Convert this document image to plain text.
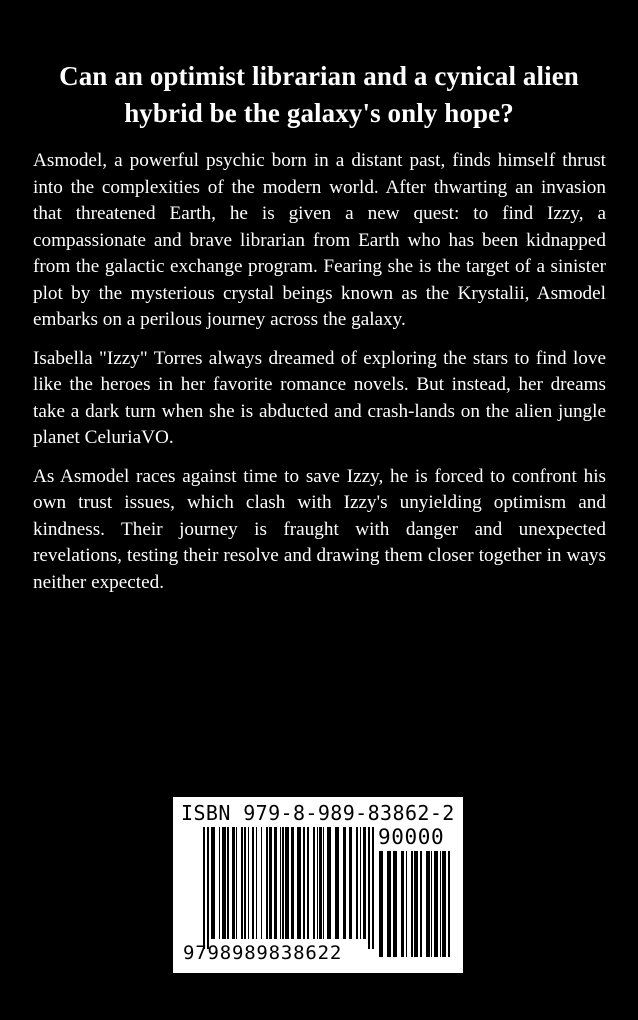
Can an optimist librarian and a cynical alien hybrid be the galaxy's only hope?

Asmodel, a powerful psychic born in a distant past, finds himself thrust into the complexities of the modern world. After thwarting an invasion that threatened Earth, he is given a new quest: to find Izzy, a compassionate and brave librarian from Earth who has been kidnapped from the galactic exchange program. Fearing she is the target of a sinister plot by the mysterious crystal beings known as the Krystalii, Asmodel embarks on a perilous journey across the galaxy.

Isabella "Izzy" Torres always dreamed of exploring the stars to find love like the heroes in her favorite romance novels. But instead, her dreams take a dark turn when she is abducted and crash-lands on the alien jungle planet CeluriaVO.

As Asmodel races against time to save Izzy, he is forced to confront his own trust issues, which clash with Izzy's unyielding optimism and kindness. Their journey is fraught with danger and unexpected revelations, testing their resolve and drawing them closer together in ways neither expected.

ISBN 979-8-989-83862-2
90000
9798989838622
